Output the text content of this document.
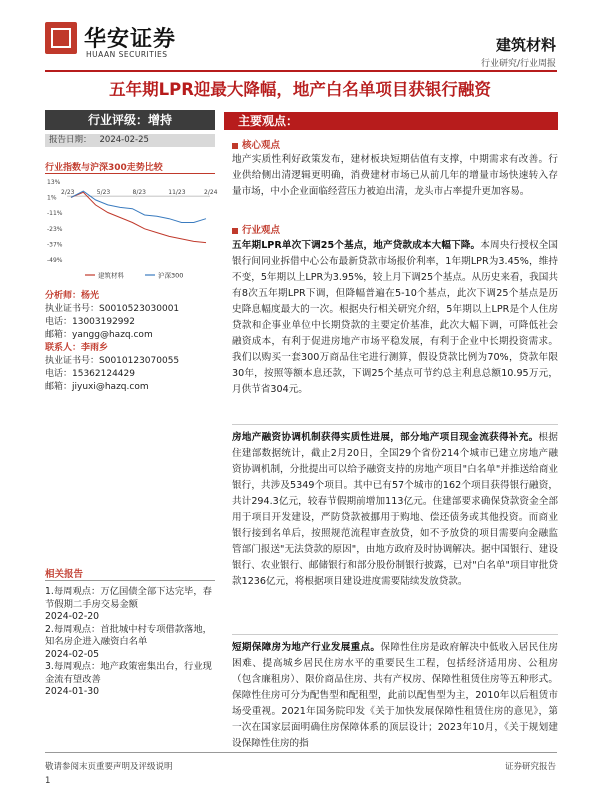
华安证券
HUAAN SECURITIES
建筑材料
行业研究/行业周报
五年期LPR迎最大降幅，地产白名单项目获银行融资
行业评级：增持
报告日期： 2024-02-25
行业指数与沪深300走势比较
13%
1%
-11%
-23%
-37%
-49%
2/23	5/23	8/23	11/23	2/24
建筑材料	沪深300
分析师：杨光
执业证书号：S0010523030001
电话：13003192992
邮箱：yangg@hazq.com
联系人：李雨乡
执业证书号：S0010123070055
电话：15362124429
邮箱：jiyuxi@hazq.com
相关报告

1.每周观点：万亿国债全部下达完毕，春节假期二手房交易金额

2024-02-20

2.每周观点：首批城中村专项借款落地，知名房企进入融资白名单

2024-02-05

3.每周观点：地产政策密集出台，行业现金流有望改善

2024-01-30

主要观点：
核心观点

地产实质性利好政策发布，建材板块短期估值有支撑，中期需求有改善。行业供给侧出清逻辑更明确，消费建材市场已从前几年的增量市场快速转入存量市场，中小企业面临经营压力被迫出清，龙头市占率提升更加容易。

行业观点

五年期LPR单次下调25个基点，地产贷款成本大幅下降。本周央行授权全国银行间同业拆借中心公布最新贷款市场报价利率，1年期LPR为3.45%，维持不变，5年期以上LPR为3.95%，较上月下调25个基点。从历史来看，我国共有8次五年期LPR下调，但降幅普遍在5-10个基点，此次下调25个基点是历史降息幅度最大的一次。根据央行相关研究介绍，5年期以上LPR是个人住房贷款和企事业单位中长期贷款的主要定价基准，此次大幅下调，可降低社会融资成本，有利于促进房地产市场平稳发展，有利于企业中长期投资需求。我们以购买一套300万商品住宅进行测算，假设贷款比例为70%，贷款年限30年，按照等额本息还款，下调25个基点可节约总主利息总额10.95万元，月供节省304元。

房地产融资协调机制获得实质性进展，部分地产项目现金流获得补充。根据住建部数据统计，截止2月20日，全国29个省份214个城市已建立房地产融资协调机制，分批提出可以给予融资支持的房地产项目"白名单"并推送给商业银行，共涉及5349个项目。其中已有57个城市的162个项目获得银行融资，共计294.3亿元，较春节假期前增加113亿元。住建部要求确保贷款资金全部用于项目开发建设，严防贷款被挪用于购地、偿还债务或其他投资。而商业银行接到名单后，按照规范流程审查放贷，如不予放贷的项目需要向金融监管部门报送"无法贷款的原因"，由地方政府及时协调解决。据中国银行、建设银行、农业银行、邮储银行和部分股份制银行披露，已对"白名单"项目审批贷款1236亿元，将根据项目建设进度需要陆续发放贷款。

短期保障房为地产行业发展重点。保障性住房是政府解决中低收入居民住房困难、提高城乡居民住房水平的重要民生工程，包括经济适用房、公租房（包含廉租房）、限价商品住房、共有产权房、保障性租赁住房等五种形式。保障性住房可分为配售型和配租型，此前以配售型为主，2010年以后租赁市场受重视。2021年国务院印发《关于加快发展保障性租赁住房的意见》，第一次在国家层面明确住房保障体系的顶层设计；2023年10月，《关于规划建设保障性住房的指

敬请参阅末页重要声明及评级说明
1
证券研究报告
